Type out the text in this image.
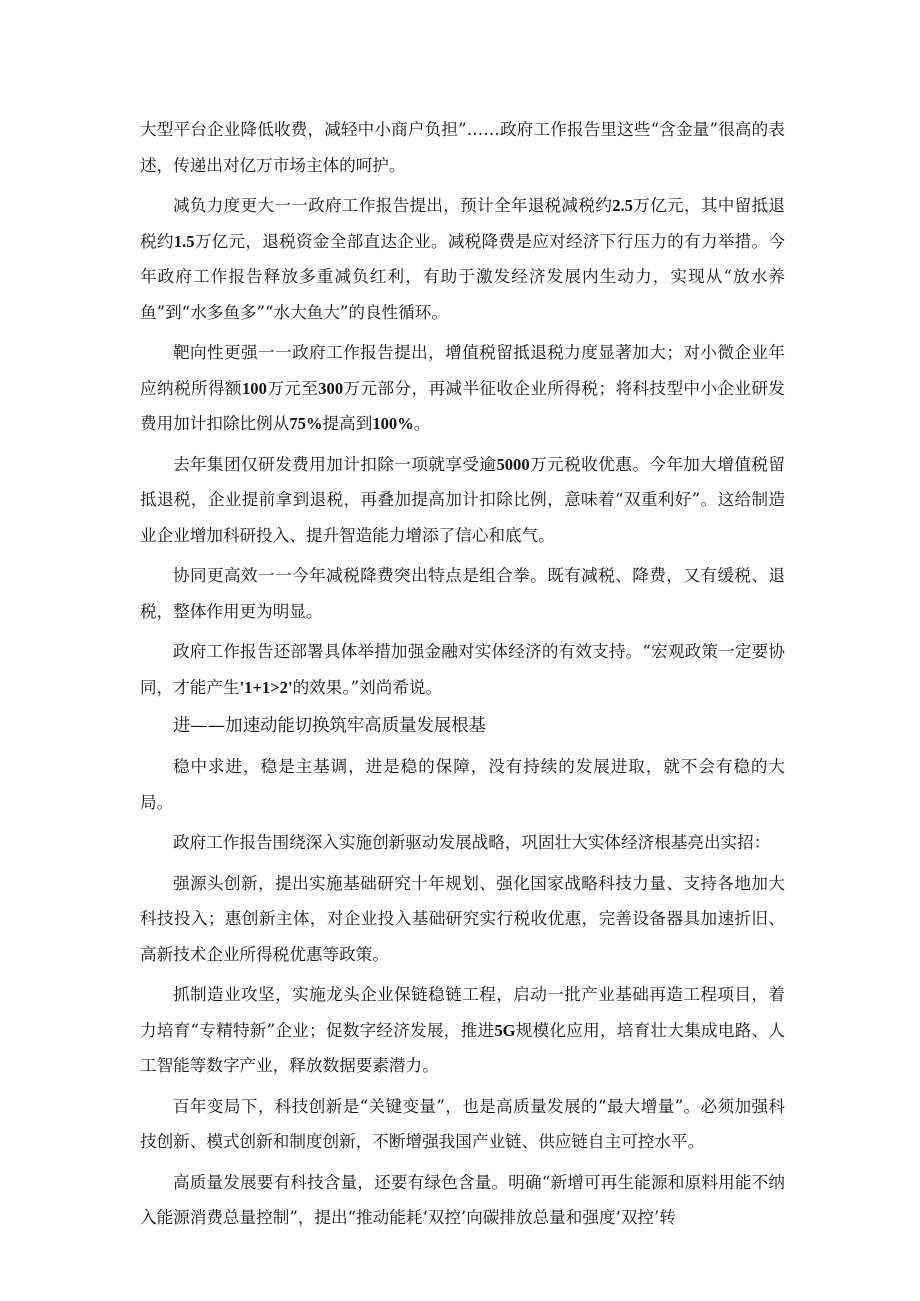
大型平台企业降低收费，减轻中小商户负担”……政府工作报告里这些“含金量”很高的表述，传递出对亿万市场主体的呵护。

减负力度更大一一政府工作报告提出，预计全年退税减税约2.5万亿元，其中留抵退税约1.5万亿元，退税资金全部直达企业。减税降费是应对经济下行压力的有力举措。今年政府工作报告释放多重减负红利，有助于激发经济发展内生动力，实现从“放水养鱼”到“水多鱼多”“水大鱼大”的良性循环。

靶向性更强一一政府工作报告提出，增值税留抵退税力度显著加大；对小微企业年应纳税所得额100万元至300万元部分，再减半征收企业所得税；将科技型中小企业研发费用加计扣除比例从75%提高到100%。

去年集团仅研发费用加计扣除一项就享受逾5000万元税收优惠。今年加大增值税留抵退税，企业提前拿到退税，再叠加提高加计扣除比例，意味着“双重利好”。这给制造业企业增加科研投入、提升智造能力增添了信心和底气。

协同更高效一一今年减税降费突出特点是组合拳。既有减税、降费，又有缓税、退税，整体作用更为明显。

政府工作报告还部署具体举措加强金融对实体经济的有效支持。“宏观政策一定要协同，才能产生'1+1>2'的效果。”刘尚希说。

进——加速动能切换筑牢高质量发展根基

稳中求进，稳是主基调，进是稳的保障，没有持续的发展进取，就不会有稳的大局。

政府工作报告围绕深入实施创新驱动发展战略，巩固壮大实体经济根基亮出实招：

强源头创新，提出实施基础研究十年规划、强化国家战略科技力量、支持各地加大科技投入；惠创新主体，对企业投入基础研究实行税收优惠，完善设备器具加速折旧、高新技术企业所得税优惠等政策。

抓制造业攻坚，实施龙头企业保链稳链工程，启动一批产业基础再造工程项目，着力培育“专精特新”企业；促数字经济发展，推进5G规模化应用，培育壮大集成电路、人工智能等数字产业，释放数据要素潜力。

百年变局下，科技创新是“关键变量”，也是高质量发展的“最大增量”。必须加强科技创新、模式创新和制度创新，不断增强我国产业链、供应链自主可控水平。

高质量发展要有科技含量，还要有绿色含量。明确“新增可再生能源和原料用能不纳入能源消费总量控制”，提出“推动能耗‘双控’向碳排放总量和强度‘双控’转
